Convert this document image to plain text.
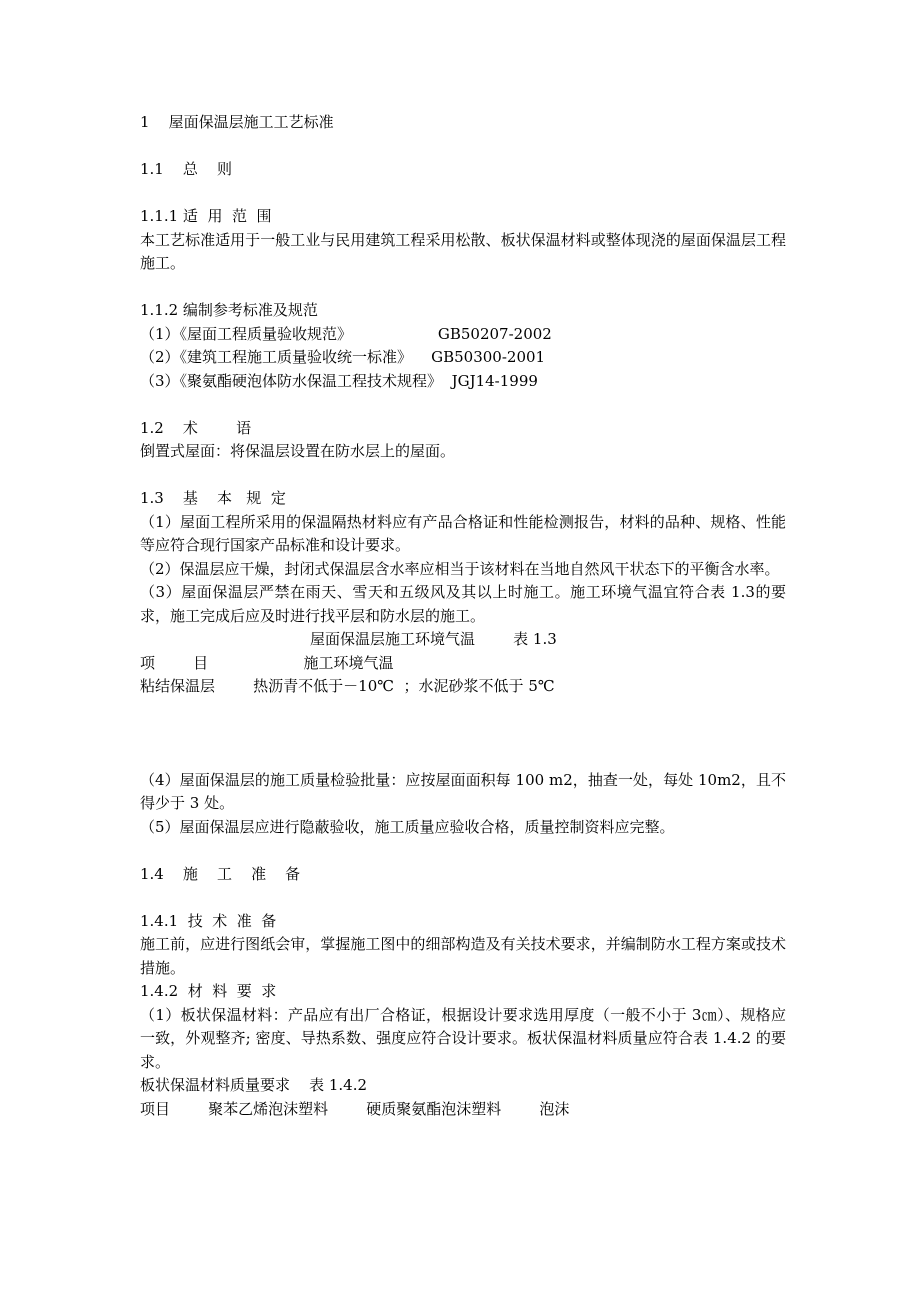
1    屋面保温层施工工艺标准
1.1    总    则
1.1.1 适  用  范  围
本工艺标准适用于一般工业与民用建筑工程采用松散、板状保温材料或整体现浇的屋面保温层工程施工。
1.1.2 编制参考标准及规范
（1）《屋面工程质量验收规范》                  GB50207-2002
（2）《建筑工程施工质量验收统一标准》    GB50300-2001
（3）《聚氨酯硬泡体防水保温工程技术规程》  JGJ14-1999
1.2    术        语
倒置式屋面：将保温层设置在防水层上的屋面。
1.3    基    本   规  定
（1）屋面工程所采用的保温隔热材料应有产品合格证和性能检测报告，材料的品种、规格、性能等应符合现行国家产品标准和设计要求。
（2）保温层应干燥，封闭式保温层含水率应相当于该材料在当地自然风干状态下的平衡含水率。
（3）屋面保温层严禁在雨天、雪天和五级风及其以上时施工。施工环境气温宜符合表 1.3的要求，施工完成后应及时进行找平层和防水层的施工。
屋面保温层施工环境气温        表 1.3
项        目                    施工环境气温
粘结保温层        热沥青不低于－10℃  ；水泥砂浆不低于 5℃
（4）屋面保温层的施工质量检验批量：应按屋面面积每 100 m2，抽查一处，每处 10m2，且不得少于 3 处。
（5）屋面保温层应进行隐蔽验收，施工质量应验收合格，质量控制资料应完整。
1.4    施    工    准    备
1.4.1  技  术  准  备
施工前，应进行图纸会审，掌握施工图中的细部构造及有关技术要求，并编制防水工程方案或技术措施。
1.4.2  材  料  要  求
（1）板状保温材料：产品应有出厂合格证，根据设计要求选用厚度（一般不小于 3㎝）、规格应一致，外观整齐; 密度、导热系数、强度应符合设计要求。板状保温材料质量应符合表 1.4.2 的要求。
板状保温材料质量要求    表 1.4.2
项目        聚苯乙烯泡沫塑料        硬质聚氨酯泡沫塑料        泡沫
